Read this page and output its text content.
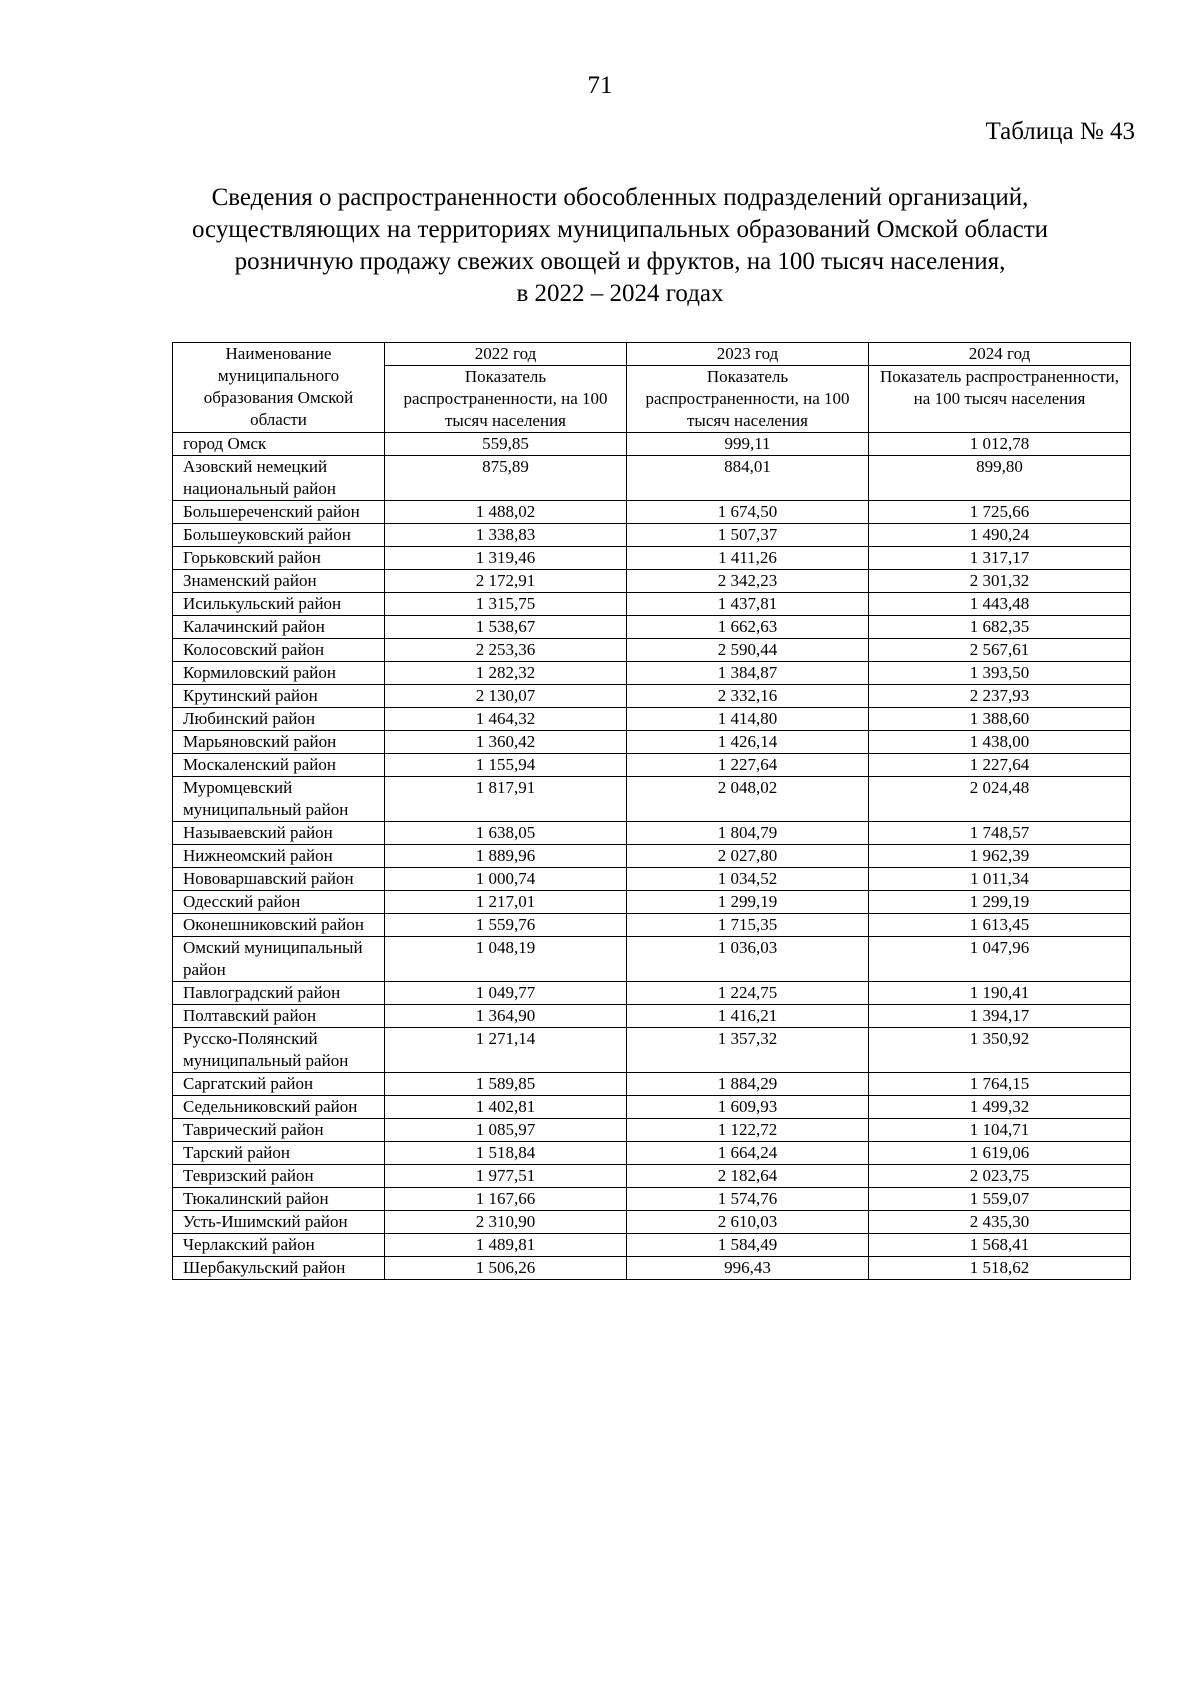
71
Таблица № 43
Сведения о распространенности обособленных подразделений организаций,
осуществляющих на территориях муниципальных образований Омской области
розничную продажу свежих овощей и фруктов, на 100 тысяч населения,
в 2022 – 2024 годах
Наименование муниципального образования Омской области	2022 год	2023 год	2024 год
	Показатель распространенности, на 100 тысяч населения	Показатель распространенности, на 100 тысяч населения	Показатель распространенности, на 100 тысяч населения
город Омск	559,85	999,11	1 012,78
Азовский немецкий национальный район	875,89	884,01	899,80
Большереченский район	1 488,02	1 674,50	1 725,66
Большеуковский район	1 338,83	1 507,37	1 490,24
Горьковский район	1 319,46	1 411,26	1 317,17
Знаменский район	2 172,91	2 342,23	2 301,32
Исилькульский район	1 315,75	1 437,81	1 443,48
Калачинский район	1 538,67	1 662,63	1 682,35
Колосовский район	2 253,36	2 590,44	2 567,61
Кормиловский район	1 282,32	1 384,87	1 393,50
Крутинский район	2 130,07	2 332,16	2 237,93
Любинский район	1 464,32	1 414,80	1 388,60
Марьяновский район	1 360,42	1 426,14	1 438,00
Москаленский район	1 155,94	1 227,64	1 227,64
Муромцевский муниципальный район	1 817,91	2 048,02	2 024,48
Называевский район	1 638,05	1 804,79	1 748,57
Нижнеомский район	1 889,96	2 027,80	1 962,39
Нововаршавский район	1 000,74	1 034,52	1 011,34
Одесский район	1 217,01	1 299,19	1 299,19
Оконешниковский район	1 559,76	1 715,35	1 613,45
Омский муниципальный район	1 048,19	1 036,03	1 047,96
Павлоградский район	1 049,77	1 224,75	1 190,41
Полтавский район	1 364,90	1 416,21	1 394,17
Русско-Полянский муниципальный район	1 271,14	1 357,32	1 350,92
Саргатский район	1 589,85	1 884,29	1 764,15
Седельниковский район	1 402,81	1 609,93	1 499,32
Таврический район	1 085,97	1 122,72	1 104,71
Тарский район	1 518,84	1 664,24	1 619,06
Тевризский район	1 977,51	2 182,64	2 023,75
Тюкалинский район	1 167,66	1 574,76	1 559,07
Усть-Ишимский район	2 310,90	2 610,03	2 435,30
Черлакский район	1 489,81	1 584,49	1 568,41
Шербакульский район	1 506,26	996,43	1 518,62
